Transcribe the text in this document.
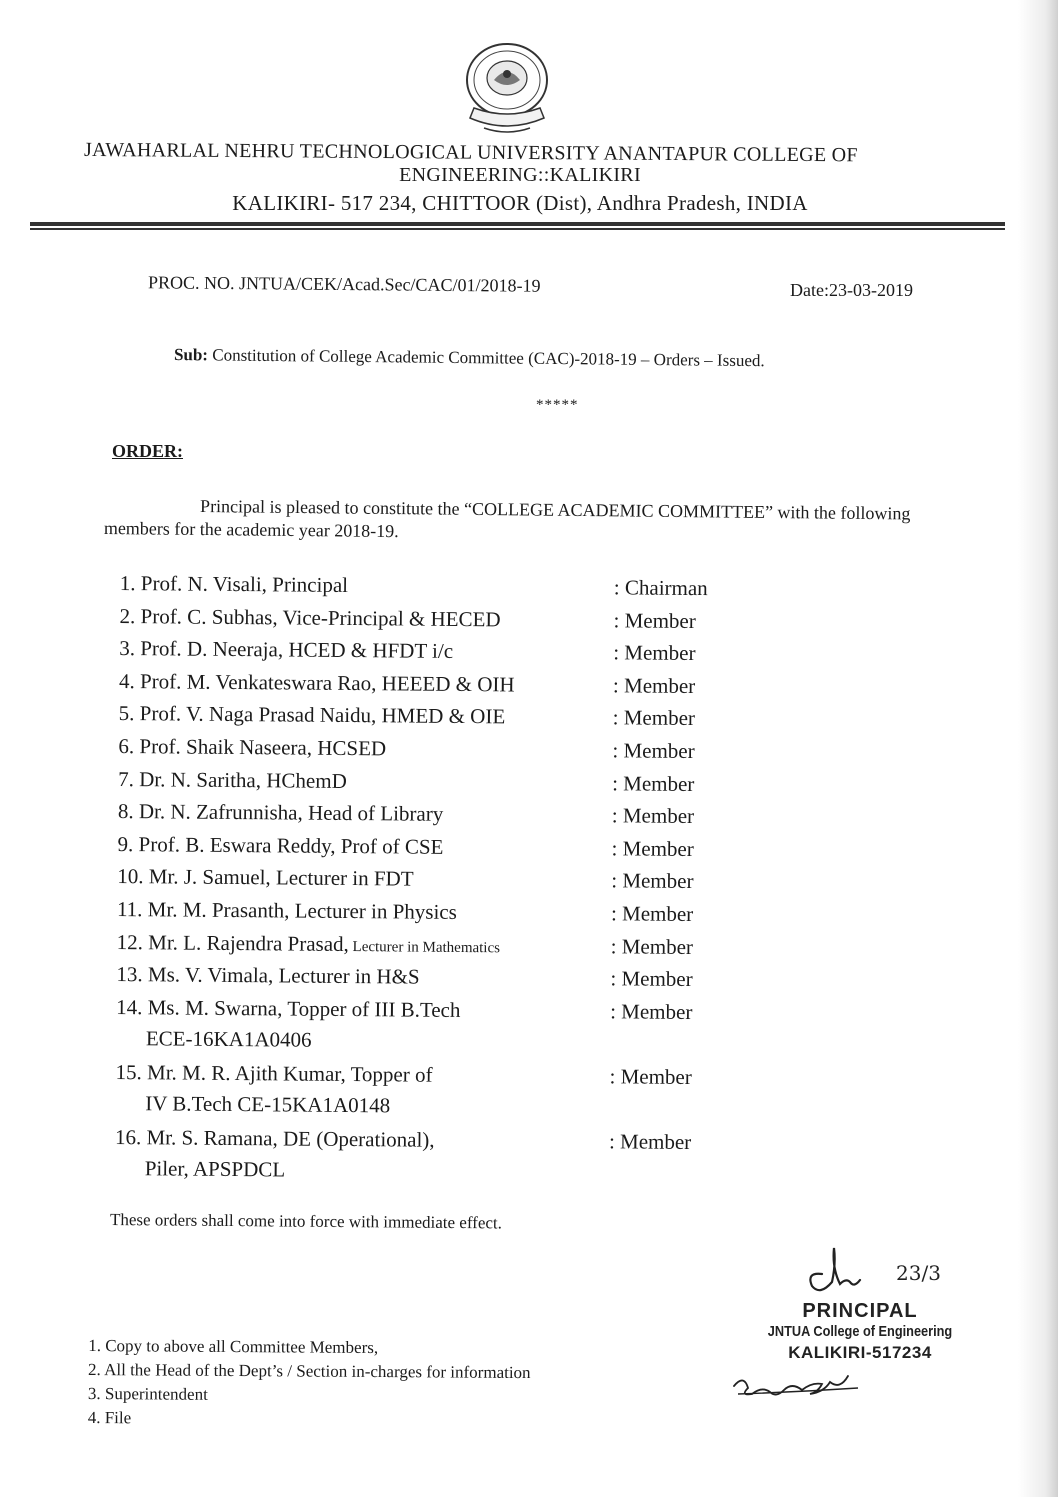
JAWAHARLAL NEHRU TECHNOLOGICAL UNIVERSITY ANANTAPUR COLLEGE OF
ENGINEERING::KALIKIRI
KALIKIRI- 517 234, CHITTOOR (Dist), Andhra Pradesh, INDIA
PROC. NO. JNTUA/CEK/Acad.Sec/CAC/01/2018-19	Date:23-03-2019
Sub: Constitution of College Academic Committee (CAC)-2018-19 – Orders – Issued.
*****
ORDER:
Principal is pleased to constitute the “COLLEGE ACADEMIC COMMITTEE” with the following members for the academic year 2018-19.
1. Prof. N. Visali, Principal	: Chairman
2. Prof. C. Subhas, Vice-Principal & HECED	: Member
3. Prof. D. Neeraja, HCED & HFDT i/c	: Member
4. Prof. M. Venkateswara Rao, HEEED & OIH	: Member
5. Prof. V. Naga Prasad Naidu, HMED & OIE	: Member
6. Prof. Shaik Naseera, HCSED	: Member
7. Dr. N. Saritha, HChemD	: Member
8. Dr. N. Zafrunnisha, Head of Library	: Member
9. Prof. B. Eswara Reddy, Prof of CSE	: Member
10. Mr. J. Samuel, Lecturer in FDT	: Member
11. Mr. M. Prasanth, Lecturer in Physics	: Member
12. Mr. L. Rajendra Prasad, Lecturer in Mathematics	: Member
13. Ms. V. Vimala, Lecturer in H&S	: Member
14. Ms. M. Swarna, Topper of III B.Tech
ECE-16KA1A0406
: Member
15. Mr. M. R. Ajith Kumar, Topper of
IV B.Tech CE-15KA1A0148
: Member
16. Mr. S. Ramana, DE (Operational),
Piler, APSPDCL
: Member
These orders shall come into force with immediate effect.
23/3
PRINCIPAL
JNTUA College of Engineering
KALIKIRI-517234
1. Copy to above all Committee Members,
2. All the Head of the Dept’s / Section in-charges for information
3. Superintendent
4. File
